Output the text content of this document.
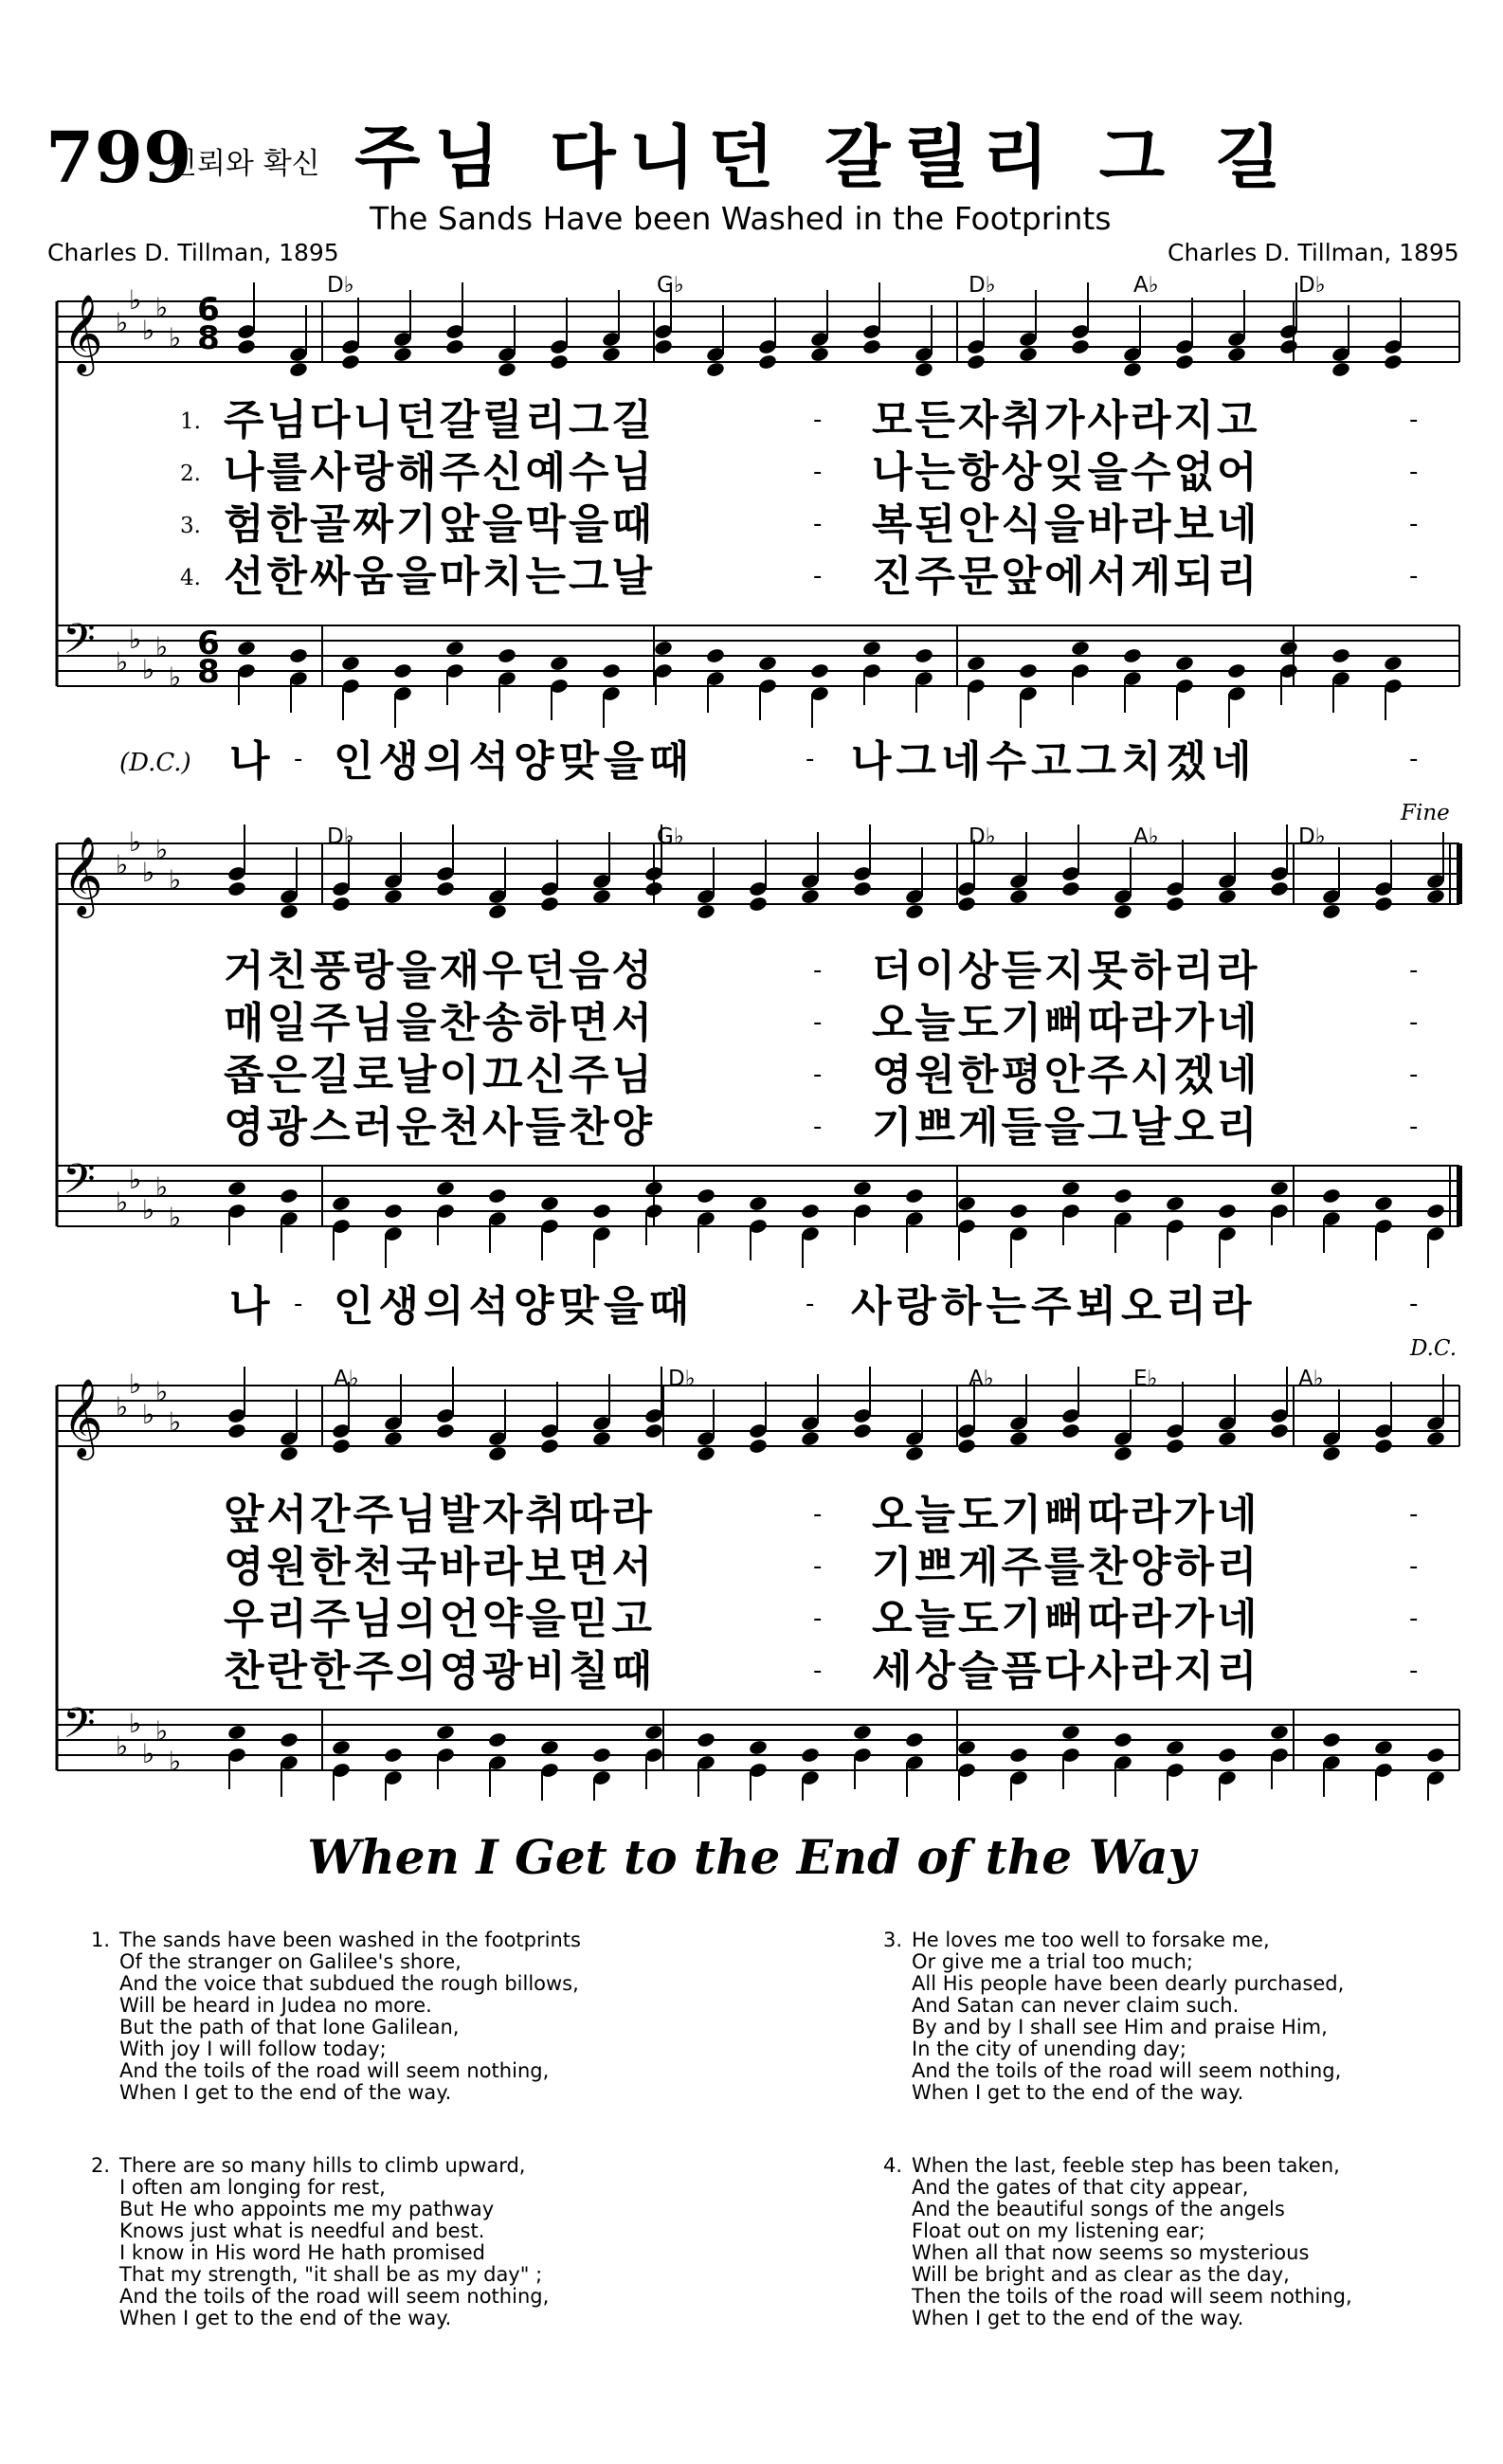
799
신뢰와 확신 주님 다니던 갈릴리 그 길
The Sands Have been Washed in the Footprints
Charles D. Tillman, 1895	Charles D. Tillman, 1895
𝄞 ♭
♭
♭
♭
♭
𝄢 ♭
♭
♭
♭
♭
𝄞 ♭
♭
♭
♭
♭
𝄢 ♭
♭
♭
♭
♭
𝄞 ♭
♭
♭
♭
♭
𝄢 ♭
♭
♭
♭
♭
6
8
6
8
D♭	G♭	D♭	A♭	D♭
1. 주님다니던갈릴리그길	- 모든자취가사라지고	-
2. 나를사랑해주신예수님	- 나는항상잊을수없어	-
3. 험한골짜기앞을막을때	- 복된안식을바라보네	-
4. 선한싸움을마치는그날	- 진주문앞에서게되리	-
(D.C.) 나 - 인생의석양맞을때	- 나그네수고그치겠네	-
D♭	G♭	D♭	A♭	D♭
Fine
거친풍랑을재우던음성	- 더이상듣지못하리라	-
매일주님을찬송하면서	- 오늘도기뻐따라가네	-
좁은길로날이끄신주님	- 영원한평안주시겠네	-
영광스러운천사들찬양	- 기쁘게들을그날오리	-
나 - 인생의석양맞을때	- 사랑하는주뵈오리라	-
D.C.
A♭	D♭	A♭	E♭	A♭
앞서간주님발자취따라	- 오늘도기뻐따라가네	-
영원한천국바라보면서	- 기쁘게주를찬양하리	-
우리주님의언약을믿고	- 오늘도기뻐따라가네	-
찬란한주의영광비칠때	- 세상슬픔다사라지리	-
When I Get to the End of the Way
1. The sands have been washed in the footprints
Of the stranger on Galilee's shore,
And the voice that subdued the rough billows,
Will be heard in Judea no more.
But the path of that lone Galilean,
With joy I will follow today;
And the toils of the road will seem nothing,
When I get to the end of the way.
2. There are so many hills to climb upward,
I often am longing for rest,
But He who appoints me my pathway
Knows just what is needful and best.
I know in His word He hath promised
That my strength, "it shall be as my day" ;
And the toils of the road will seem nothing,
When I get to the end of the way.
3. He loves me too well to forsake me,
Or give me a trial too much;
All His people have been dearly purchased,
And Satan can never claim such.
By and by I shall see Him and praise Him,
In the city of unending day;
And the toils of the road will seem nothing,
When I get to the end of the way.
4. When the last, feeble step has been taken,
And the gates of that city appear,
And the beautiful songs of the angels
Float out on my listening ear;
When all that now seems so mysterious
Will be bright and as clear as the day,
Then the toils of the road will seem nothing,
When I get to the end of the way.
